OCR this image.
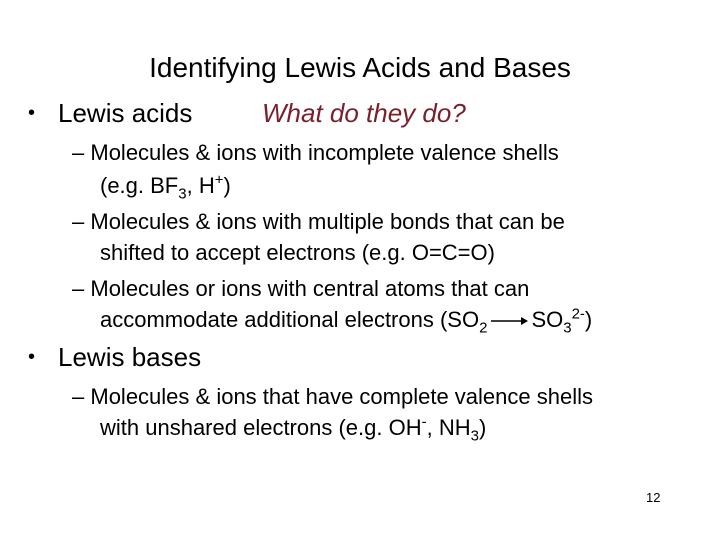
Identifying Lewis Acids and Bases
• Lewis acids	What do they do?
– Molecules & ions with incomplete valence shells
(e.g. $BF_3$, H+)
– Molecules & ions with multiple bonds that can be
shifted to accept electrons (e.g. O=C=O)
– Molecules or ions with central atoms that can
accommodate additional electrons ($SO_2$ $SO_3^{2-}$)
• Lewis bases
– Molecules & ions that have complete valence shells
with unshared electrons (e.g. OH-, $NH_3$)
12
